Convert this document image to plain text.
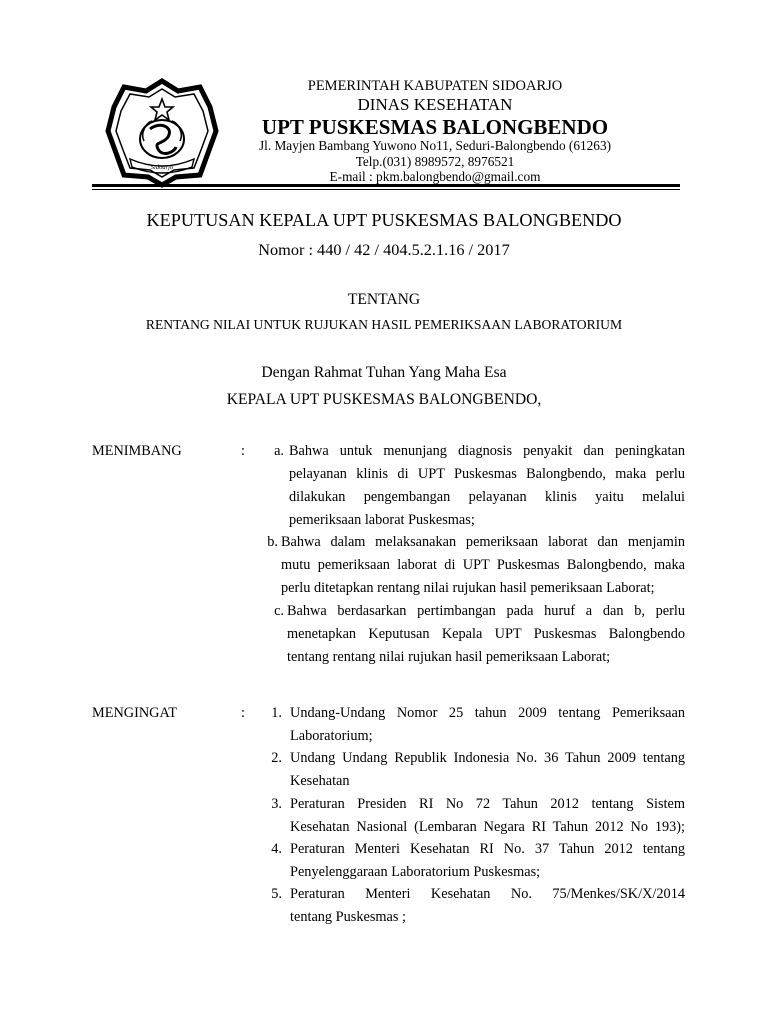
Sidoarjo
PEMERINTAH KABUPATEN SIDOARJO
DINAS KESEHATAN
UPT PUSKESMAS BALONGBENDO
Jl. Mayjen Bambang Yuwono No11, Seduri-Balongbendo (61263)
Telp.(031) 8989572, 8976521
E-mail : pkm.balongbendo@gmail.com
KEPUTUSAN KEPALA UPT PUSKESMAS BALONGBENDO
Nomor : 440 / 42 / 404.5.2.1.16 / 2017
TENTANG
RENTANG NILAI UNTUK RUJUKAN HASIL PEMERIKSAAN LABORATORIUM
Dengan Rahmat Tuhan Yang Maha Esa
KEPALA UPT PUSKESMAS BALONGBENDO,
MENIMBANG	:	a. Bahwa untuk menunjang diagnosis penyakit dan peningkatan
pelayanan klinis di UPT Puskesmas Balongbendo, maka perlu
dilakukan pengembangan pelayanan klinis yaitu melalui
pemeriksaan laborat Puskesmas;
b. Bahwa dalam melaksanakan pemeriksaan laborat dan menjamin
mutu pemeriksaan laborat di UPT Puskesmas Balongbendo, maka
perlu ditetapkan rentang nilai rujukan hasil pemeriksaan Laborat;
c. Bahwa berdasarkan pertimbangan pada huruf a dan b, perlu
menetapkan Keputusan Kepala UPT Puskesmas Balongbendo
tentang rentang nilai rujukan hasil pemeriksaan Laborat;
MENGINGAT	:	1. Undang-Undang Nomor 25 tahun 2009 tentang Pemeriksaan
Laboratorium;
2. Undang Undang Republik Indonesia No. 36 Tahun 2009 tentang
Kesehatan
3. Peraturan Presiden RI No 72 Tahun 2012 tentang Sistem
Kesehatan Nasional (Lembaran Negara RI Tahun 2012 No 193);
4. Peraturan Menteri Kesehatan RI No. 37 Tahun 2012 tentang
Penyelenggaraan Laboratorium Puskesmas;
5. Peraturan Menteri Kesehatan No. 75/Menkes/SK/X/2014
tentang Puskesmas ;
